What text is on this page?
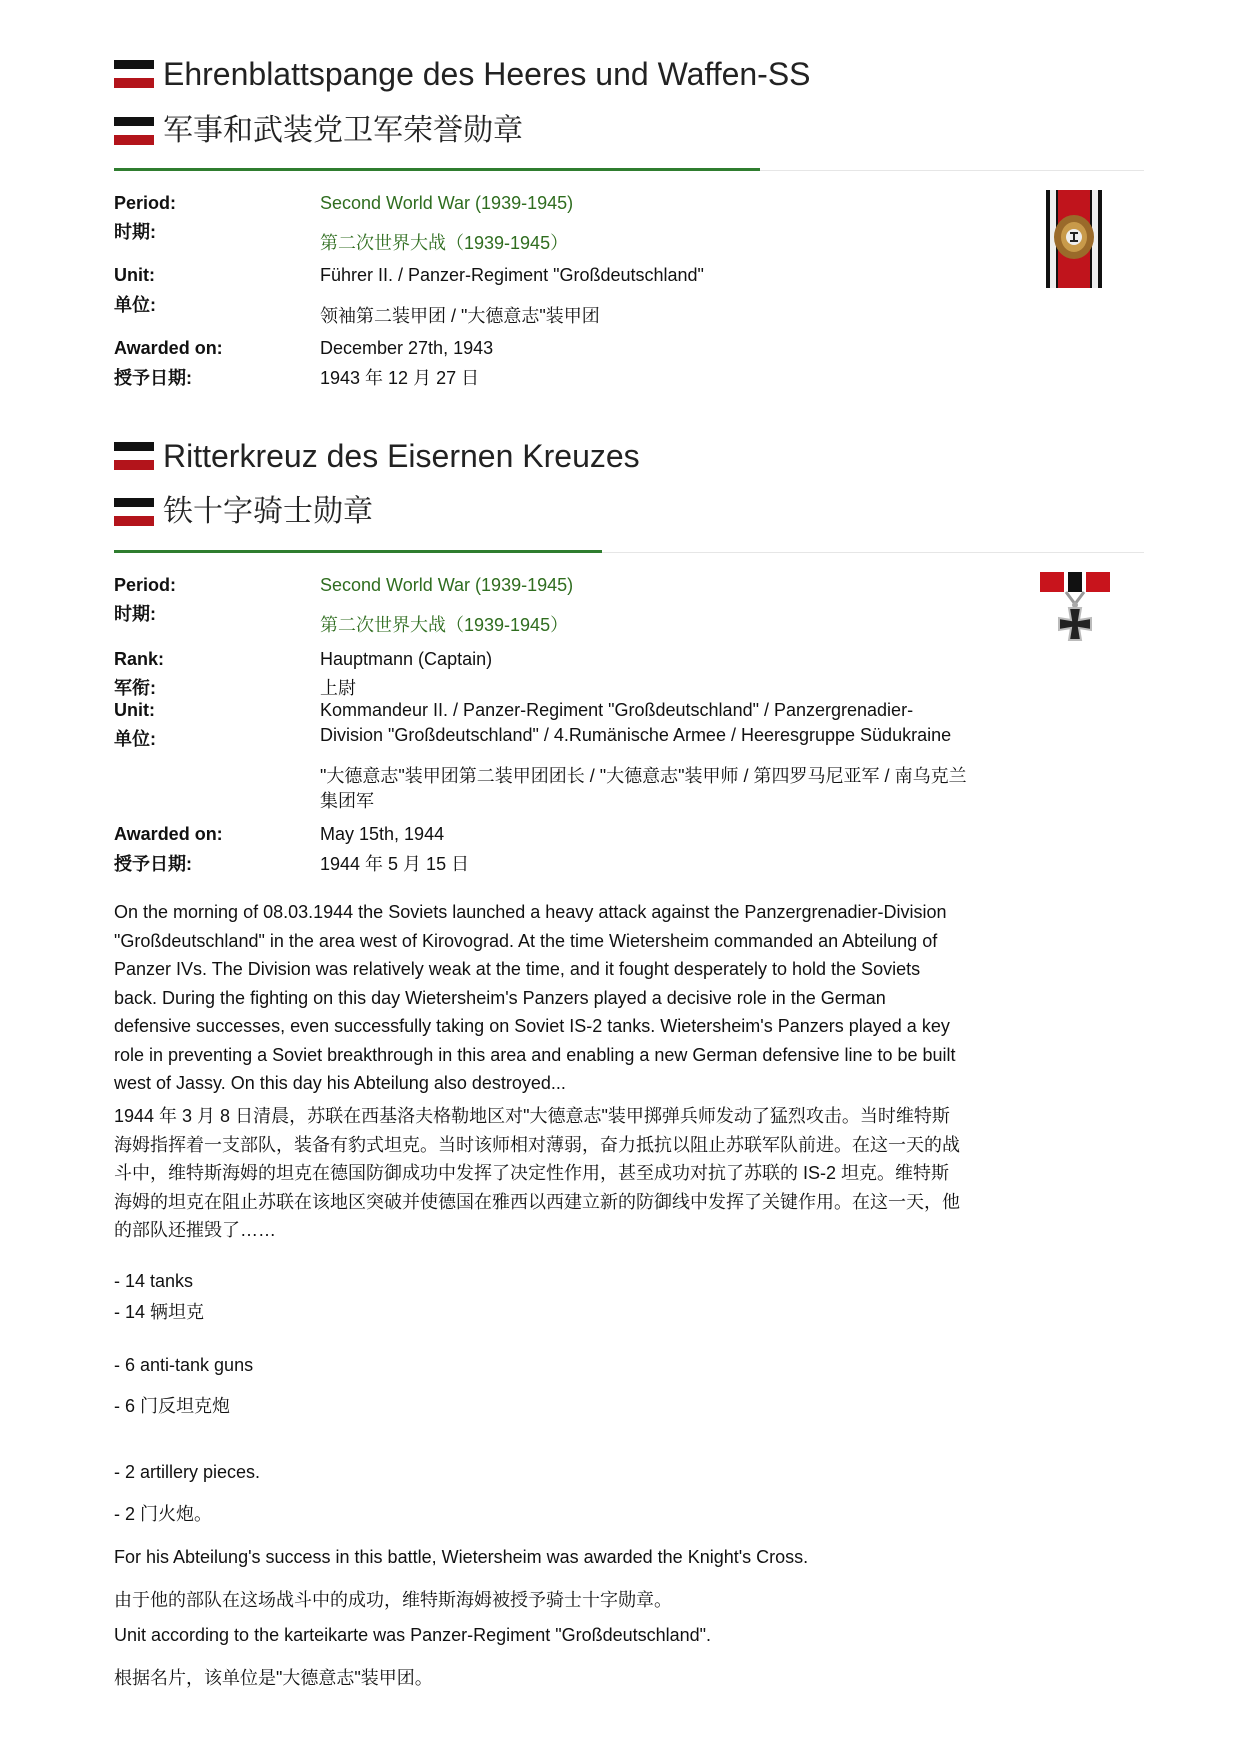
Ehrenblattspange des Heeres und Waffen-SS
军事和武装党卫军荣誉勋章
Period:
时期:
Second World War (1939-1945)
第二次世界大战（1939-1945）
Unit:
单位:
Führer II. / Panzer-Regiment "Großdeutschland"
领袖第二装甲团 / "大德意志"装甲团
Awarded on:
授予日期:
December 27th, 1943
1943 年 12 月 27 日
Ritterkreuz des Eisernen Kreuzes
铁十字骑士勋章
Period:
时期:
Second World War (1939-1945)
第二次世界大战（1939-1945）
Rank:
军衔:
Hauptmann (Captain)
上尉
Unit:
单位:
Kommandeur II. / Panzer-Regiment "Großdeutschland" / Panzergrenadier-
Division "Großdeutschland" / 4.Rumänische Armee / Heeresgruppe Südukraine
"大德意志"装甲团第二装甲团团长 / "大德意志"装甲师 / 第四罗马尼亚军 / 南乌克兰
集团军
Awarded on:
授予日期:
May 15th, 1944
1944 年 5 月 15 日
On the morning of 08.03.1944 the Soviets launched a heavy attack against the Panzergrenadier-Division "Großdeutschland" in the area west of Kirovograd. At the time Wietersheim commanded an Abteilung of Panzer IVs. The Division was relatively weak at the time, and it fought desperately to hold the Soviets back. During the fighting on this day Wietersheim's Panzers played a decisive role in the German defensive successes, even successfully taking on Soviet IS-2 tanks. Wietersheim's Panzers played a key role in preventing a Soviet breakthrough in this area and enabling a new German defensive line to be built west of Jassy. On this day his Abteilung also destroyed...
1944 年 3 月 8 日清晨，苏联在西基洛夫格勒地区对"大德意志"装甲掷弹兵师发动了猛烈攻击。当时维特斯海姆指挥着一支部队，装备有豹式坦克。当时该师相对薄弱，奋力抵抗以阻止苏联军队前进。在这一天的战斗中，维特斯海姆的坦克在德国防御成功中发挥了决定性作用，甚至成功对抗了苏联的 IS-2 坦克。维特斯海姆的坦克在阻止苏联在该地区突破并使德国在雅西以西建立新的防御线中发挥了关键作用。在这一天，他的部队还摧毁了……
- 14 tanks
- 14 辆坦克
- 6 anti-tank guns
- 6 门反坦克炮
- 2 artillery pieces.
- 2 门火炮。
For his Abteilung's success in this battle, Wietersheim was awarded the Knight's Cross.
由于他的部队在这场战斗中的成功，维特斯海姆被授予骑士十字勋章。
Unit according to the karteikarte was Panzer-Regiment "Großdeutschland".
根据名片，该单位是"大德意志"装甲团。
